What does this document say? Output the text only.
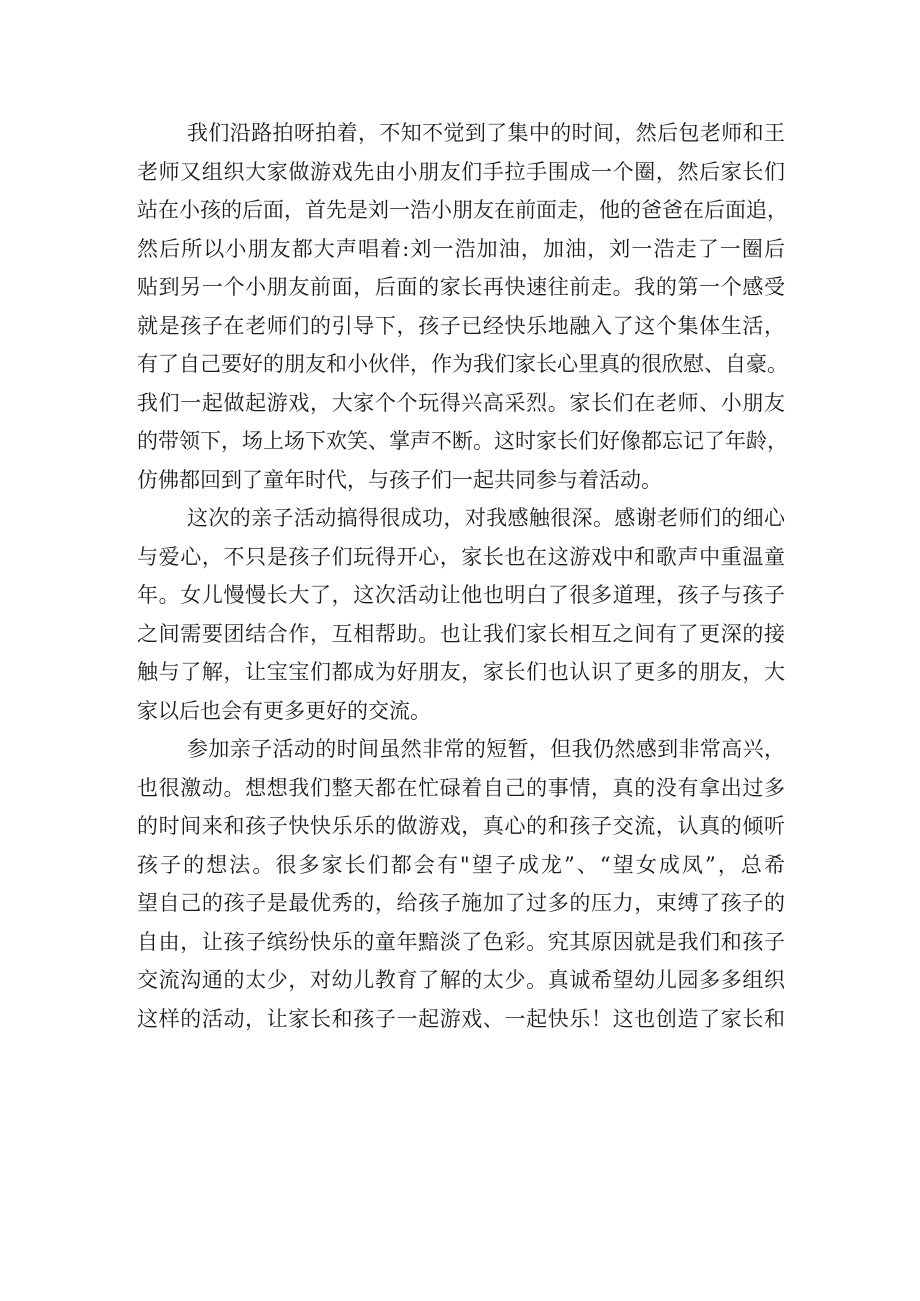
我们沿路拍呀拍着，不知不觉到了集中的时间，然后包老师和王
老师又组织大家做游戏先由小朋友们手拉手围成一个圈，然后家长们
站在小孩的后面，首先是刘一浩小朋友在前面走，他的爸爸在后面追，
然后所以小朋友都大声唱着:刘一浩加油，加油，刘一浩走了一圈后
贴到另一个小朋友前面，后面的家长再快速往前走。我的第一个感受
就是孩子在老师们的引导下，孩子已经快乐地融入了这个集体生活，
有了自己要好的朋友和小伙伴，作为我们家长心里真的很欣慰、自豪。
我们一起做起游戏，大家个个玩得兴高采烈。家长们在老师、小朋友
的带领下，场上场下欢笑、掌声不断。这时家长们好像都忘记了年龄，
仿佛都回到了童年时代，与孩子们一起共同参与着活动。
这次的亲子活动搞得很成功，对我感触很深。感谢老师们的细心
与爱心，不只是孩子们玩得开心，家长也在这游戏中和歌声中重温童
年。女儿慢慢长大了，这次活动让他也明白了很多道理，孩子与孩子
之间需要团结合作，互相帮助。也让我们家长相互之间有了更深的接
触与了解，让宝宝们都成为好朋友，家长们也认识了更多的朋友，大
家以后也会有更多更好的交流。
参加亲子活动的时间虽然非常的短暂，但我仍然感到非常高兴，
也很激动。想想我们整天都在忙碌着自己的事情，真的没有拿出过多
的时间来和孩子快快乐乐的做游戏，真心的和孩子交流，认真的倾听
孩子的想法。很多家长们都会有"望子成龙”、“望女成凤”，总希
望自己的孩子是最优秀的，给孩子施加了过多的压力，束缚了孩子的
自由，让孩子缤纷快乐的童年黯淡了色彩。究其原因就是我们和孩子
交流沟通的太少，对幼儿教育了解的太少。真诚希望幼儿园多多组织
这样的活动，让家长和孩子一起游戏、一起快乐！这也创造了家长和
